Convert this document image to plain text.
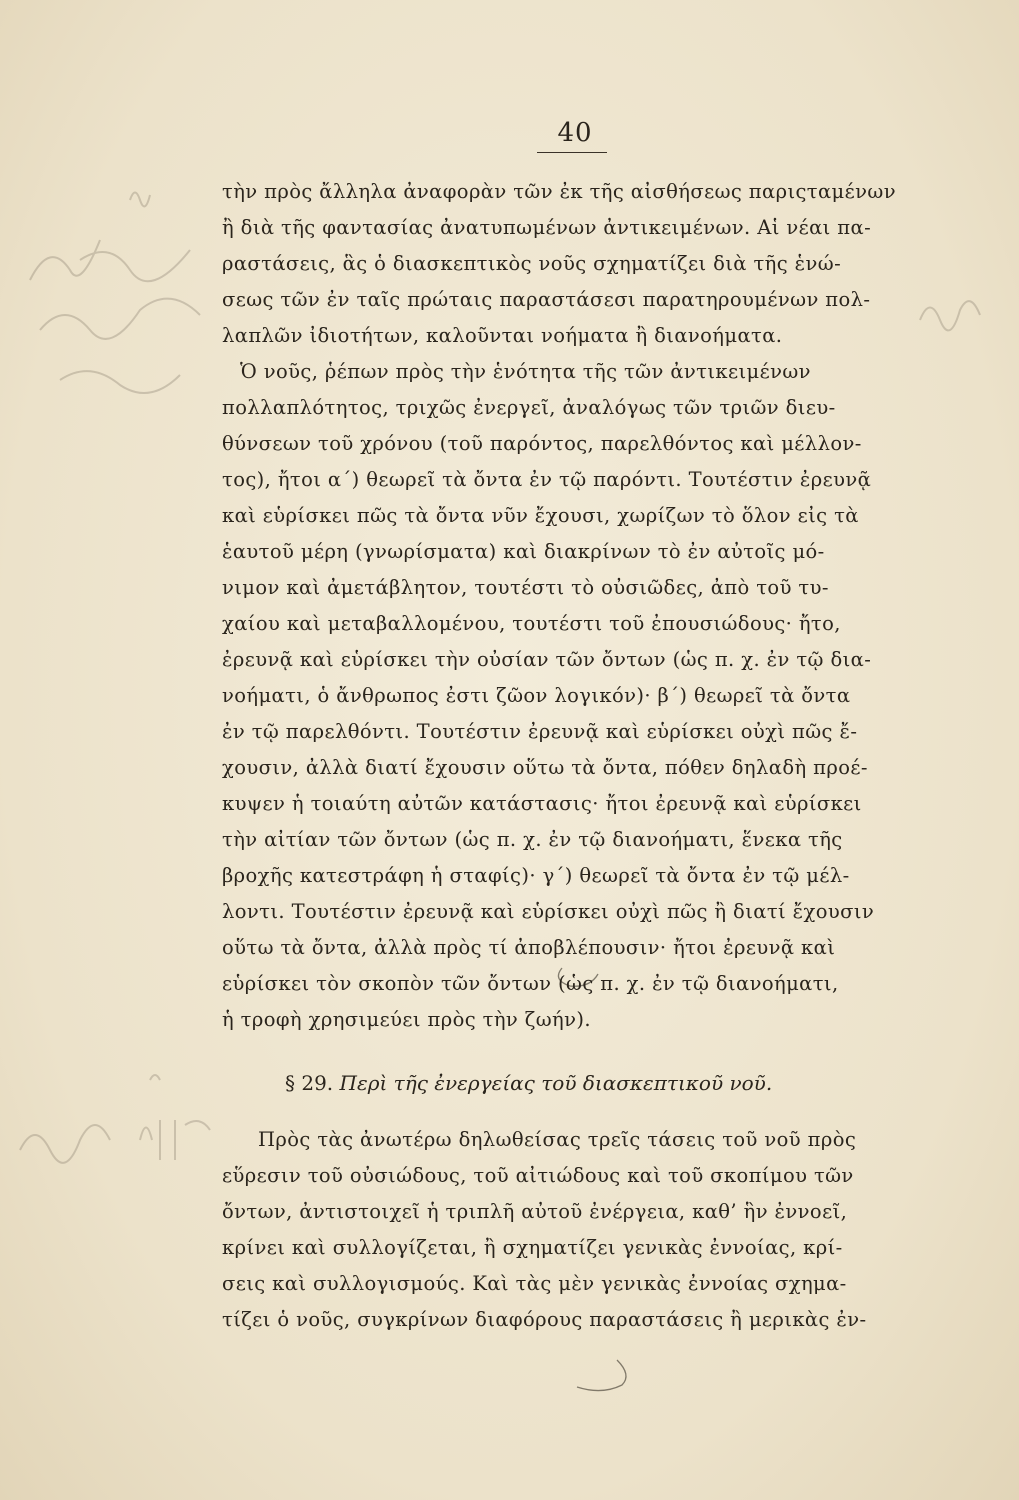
​
40
τὴν πρὸς ἄλληλα ἀναφορὰν τῶν ἐκ τῆς αἰσθήσεως παριςταμένων
ἢ διὰ τῆς φαντασίας ἀνατυπωμένων ἀντικειμένων. Αἱ νέαι πα-
ραστάσεις, ἃς ὁ διασκεπτικὸς νοῦς σχηματίζει διὰ τῆς ἑνώ-
σεως τῶν ἐν ταῖς πρώταις παραστάσεσι παρατηρουμένων πολ-
λαπλῶν ἰδιοτήτων, καλοῦνται νοήματα ἢ διανοήματα.
Ὁ νοῦς, ῥέπων πρὸς τὴν ἑνότητα τῆς τῶν ἀντικειμένων
πολλαπλότητος, τριχῶς ἐνεργεῖ, ἀναλόγως τῶν τριῶν διευ-
θύνσεων τοῦ χρόνου (τοῦ παρόντος, παρελθόντος καὶ μέλλον-
τος), ἤτοι α΄) θεωρεῖ τὰ ὄντα ἐν τῷ παρόντι. Τουτέστιν ἐρευνᾷ
καὶ εὑρίσκει πῶς τὰ ὄντα νῦν ἔχουσι, χωρίζων τὸ ὅλον εἰς τὰ
ἑαυτοῦ μέρη (γνωρίσματα) καὶ διακρίνων τὸ ἐν αὐτοῖς μό-
νιμον καὶ ἀμετάβλητον, τουτέστι τὸ οὐσιῶδες, ἀπὸ τοῦ τυ-
χαίου καὶ μεταβαλλομένου, τουτέστι τοῦ ἐπουσιώδους· ἤτο,
ἐρευνᾷ καὶ εὑρίσκει τὴν οὐσίαν τῶν ὄντων (ὡς π. χ. ἐν τῷ δια-
νοήματι, ὁ ἄνθρωπος ἐστι ζῶον λογικόν)· β΄) θεωρεῖ τὰ ὄντα
ἐν τῷ παρελθόντι. Τουτέστιν ἐρευνᾷ καὶ εὑρίσκει οὐχὶ πῶς ἔ-
χουσιν, ἀλλὰ διατί ἔχουσιν οὕτω τὰ ὄντα, πόθεν δηλαδὴ προέ-
κυψεν ἡ τοιαύτη αὐτῶν κατάστασις· ἤτοι ἐρευνᾷ καὶ εὑρίσκει
τὴν αἰτίαν τῶν ὄντων (ὡς π. χ. ἐν τῷ διανοήματι, ἕνεκα τῆς
βροχῆς κατεστράφη ἡ σταφίς)· γ΄) θεωρεῖ τὰ ὄντα ἐν τῷ μέλ-
λοντι. Τουτέστιν ἐρευνᾷ καὶ εὑρίσκει οὐχὶ πῶς ἢ διατί ἔχουσιν
οὕτω τὰ ὄντα, ἀλλὰ πρὸς τί ἀποβλέπουσιν· ἤτοι ἐρευνᾷ καὶ
εὑρίσκει τὸν σκοπὸν τῶν ὄντων (ὡς π. χ. ἐν τῷ διανοήματι,
ἡ τροφὴ χρησιμεύει πρὸς τὴν ζωήν).
§ 29. Περὶ τῆς ἐνεργείας τοῦ διασκεπτικοῦ νοῦ.
Πρὸς τὰς ἀνωτέρω δηλωθείσας τρεῖς τάσεις τοῦ νοῦ πρὸς
εὕρεσιν τοῦ οὐσιώδους, τοῦ αἰτιώδους καὶ τοῦ σκοπίμου τῶν
ὄντων, ἀντιστοιχεῖ ἡ τριπλῆ αὐτοῦ ἐνέργεια, καθ’ ἣν ἐννοεῖ,
κρίνει καὶ συλλογίζεται, ἢ σχηματίζει γενικὰς ἐννοίας, κρί-
σεις καὶ συλλογισμούς. Καὶ τὰς μὲν γενικὰς ἐννοίας σχημα-
τίζει ὁ νοῦς, συγκρίνων διαφόρους παραστάσεις ἢ μερικὰς ἐν-
